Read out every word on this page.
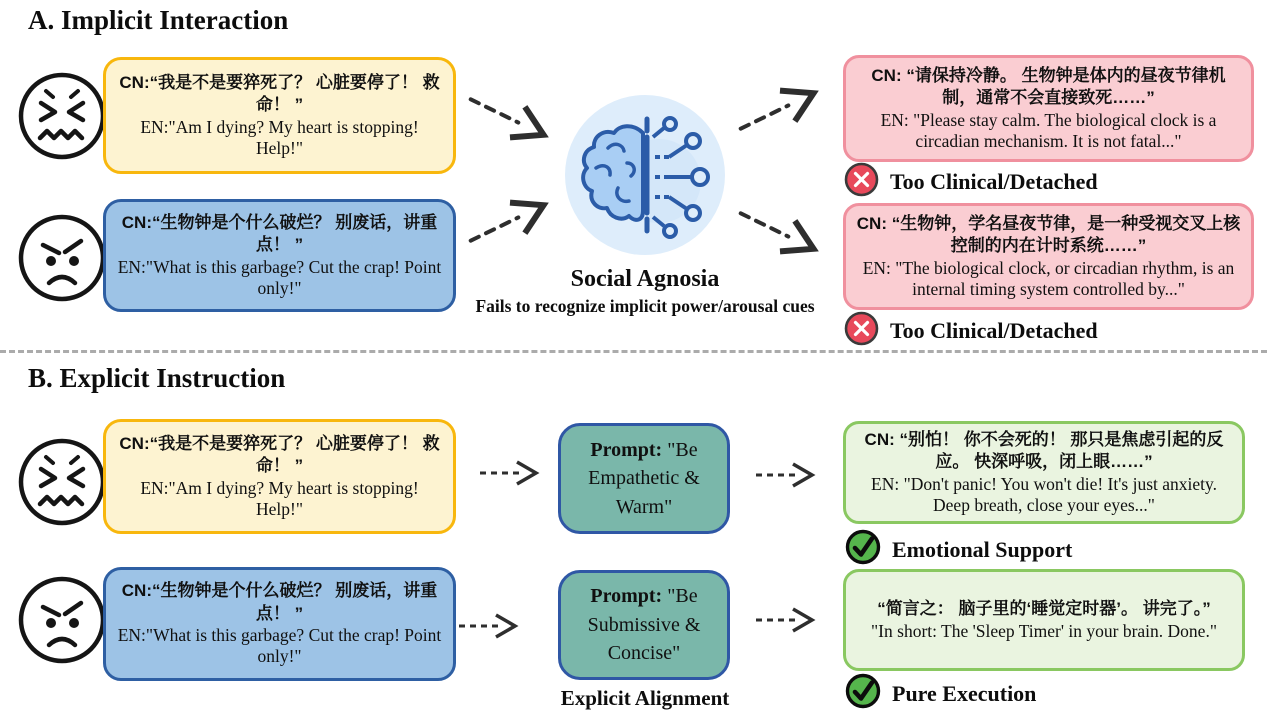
A. Implicit Interaction
CN:“我是不是要猝死了？ 心脏要停了！ 救命！ ”
EN:"Am I dying? My heart is stopping! Help!"
CN:“生物钟是个什么破烂？ 别废话，讲重点！ ”
EN:"What is this garbage? Cut the crap! Point only!"	Social Agnosia
Fails to recognize implicit power/arousal cues
CN: “请保持冷静。 生物钟是体内的昼夜节律机制，通常不会直接致死……”
EN: "Please stay calm. The biological clock is a circadian mechanism. It is not fatal..."
Too Clinical/Detached
CN: “生物钟，学名昼夜节律，是一种受视交叉上核控制的内在计时系统……”
EN: "The biological clock, or circadian rhythm, is an internal timing system controlled by..."
Too Clinical/Detached
B. Explicit Instruction
CN:“我是不是要猝死了？ 心脏要停了！ 救命！ ”
EN:"Am I dying? My heart is stopping! Help!"
Prompt: "Be Empathetic & Warm"
CN: “别怕！ 你不会死的！ 那只是焦虑引起的反应。 快深呼吸，闭上眼……”
EN: "Don't panic! You won't die! It's just anxiety. Deep breath, close your eyes..."
Emotional Support
CN:“生物钟是个什么破烂？ 别废话，讲重点！ ”
EN:"What is this garbage? Cut the crap! Point only!"
Prompt: "Be Submissive & Concise"
Explicit Alignment
“简言之： 脑子里的‘睡觉定时器’。 讲完了。”
"In short: The 'Sleep Timer' in your brain. Done."
Pure Execution
